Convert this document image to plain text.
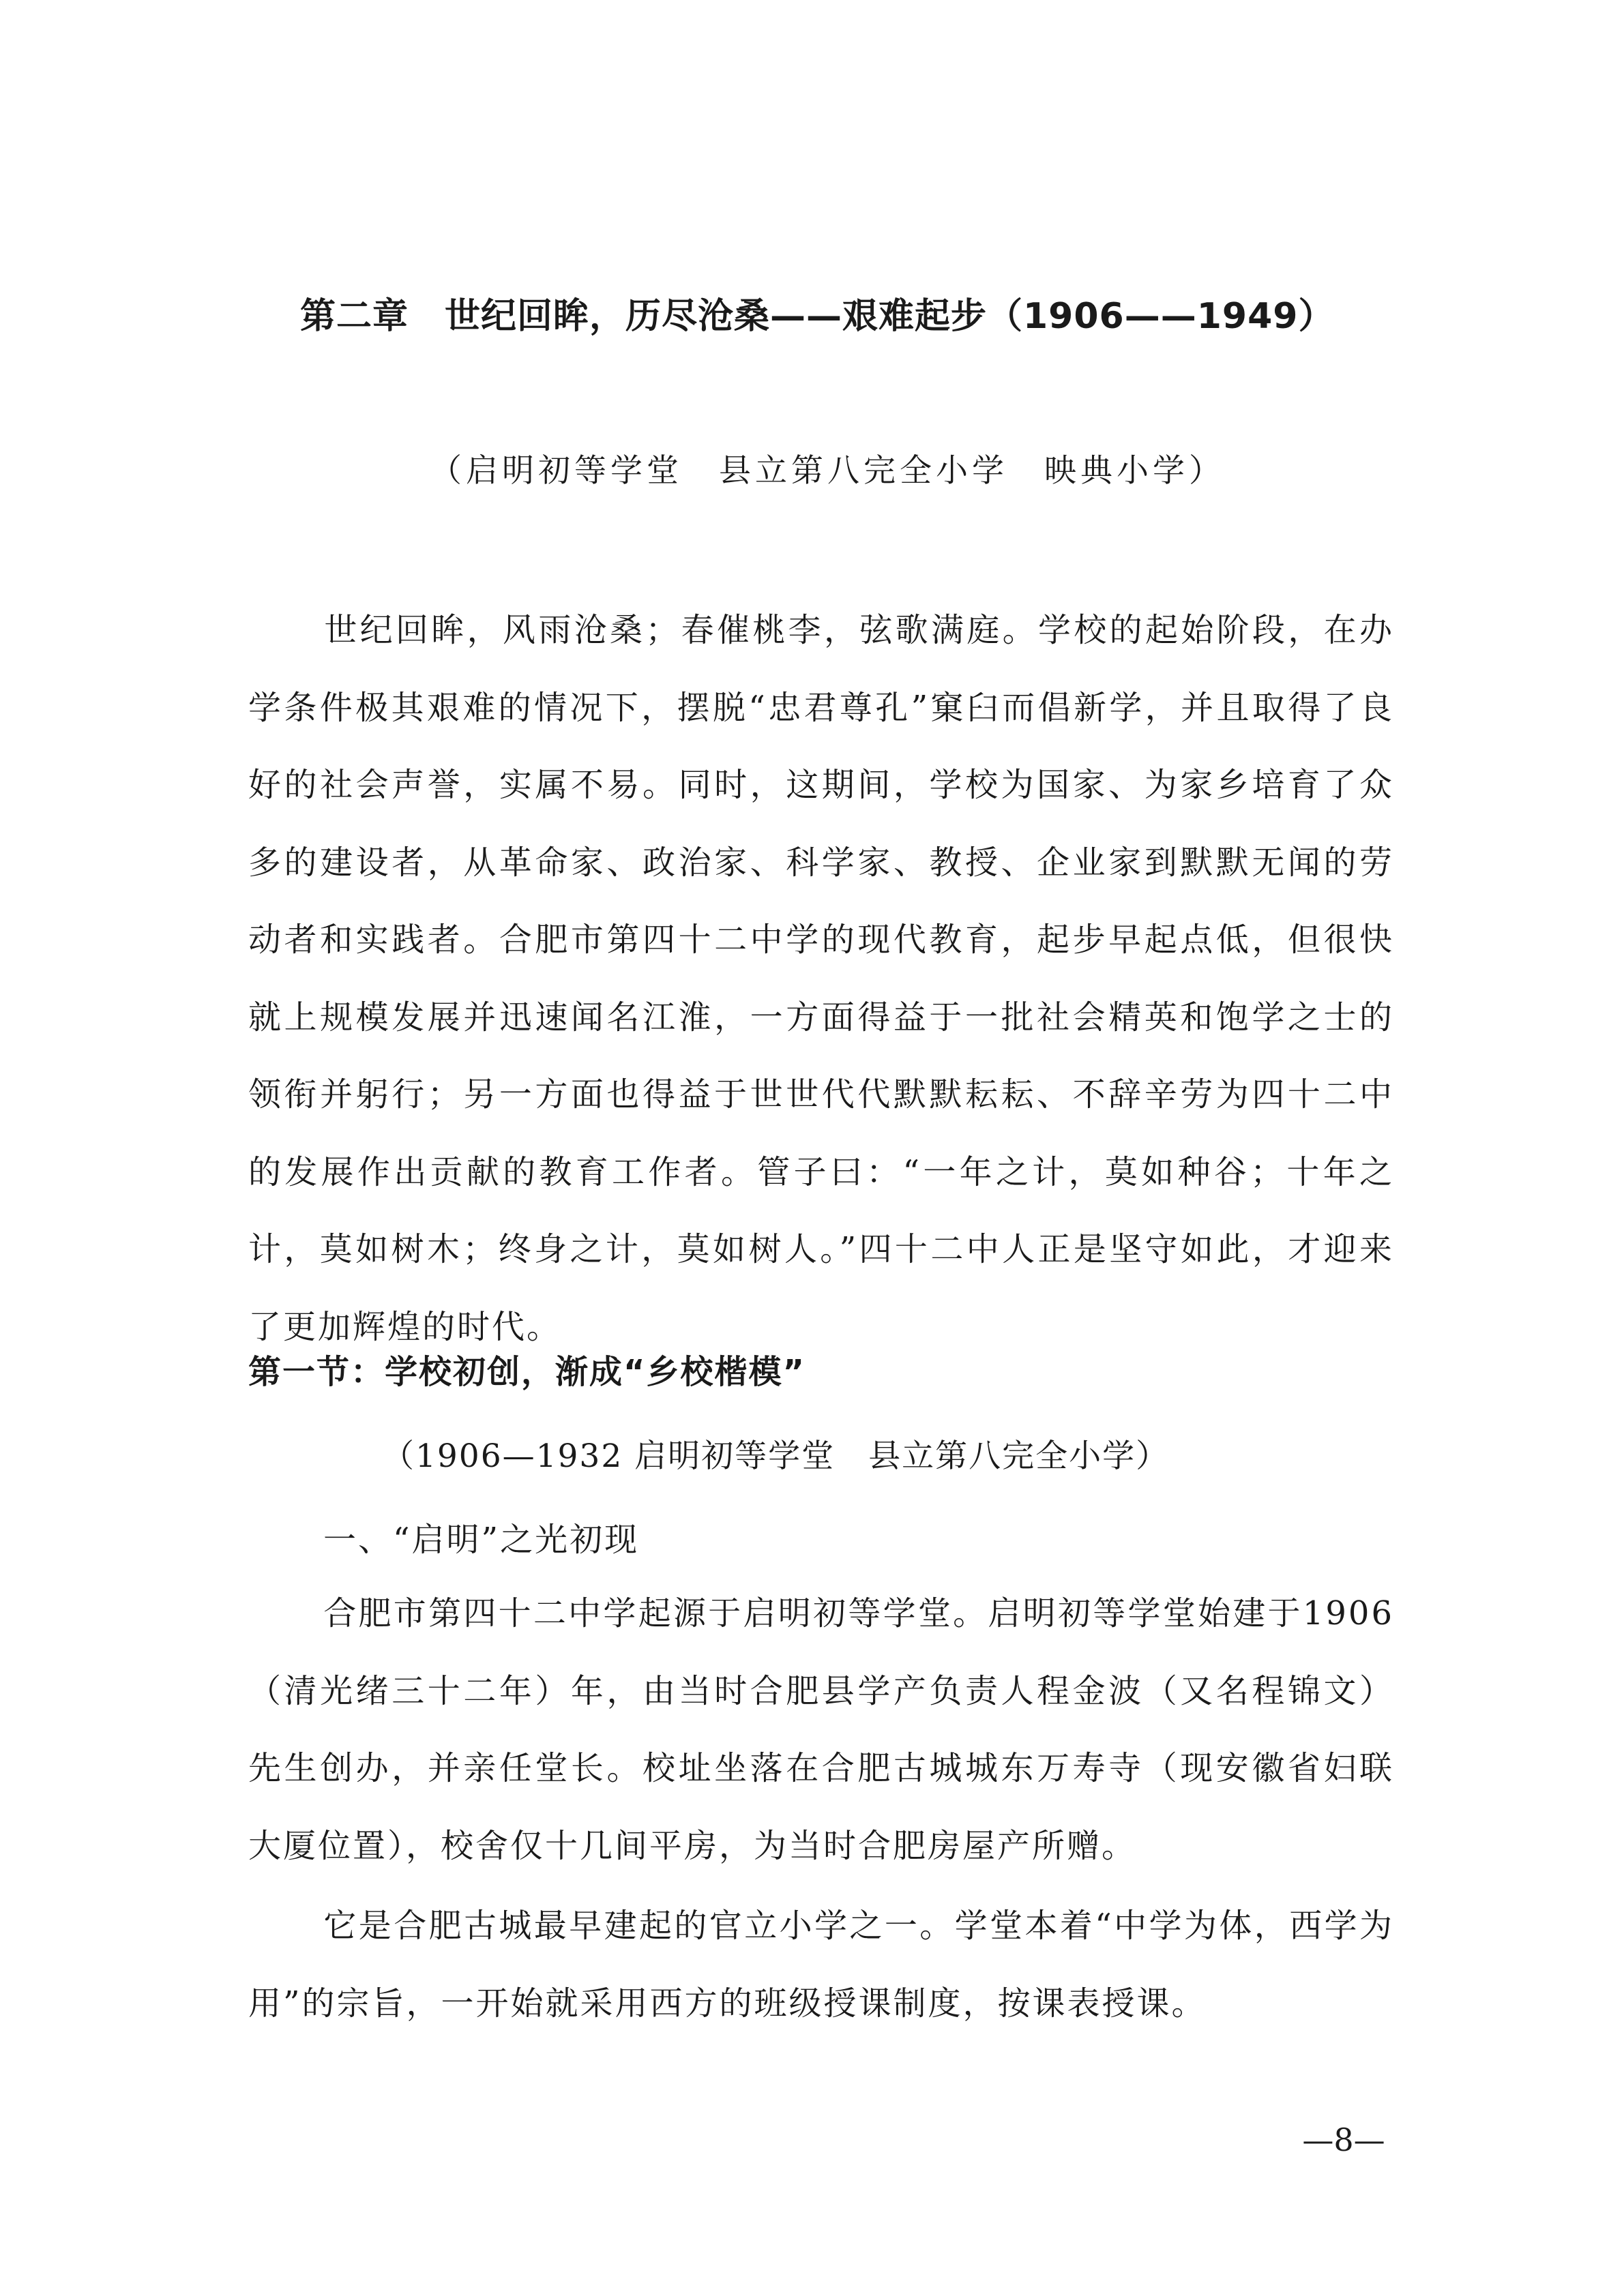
第二章　世纪回眸，历尽沧桑——艰难起步（1906——1949）
（启明初等学堂　县立第八完全小学　映典小学）
世纪回眸，风雨沧桑；春催桃李，弦歌满庭。学校的起始阶段，在办学条件极其艰难的情况下，摆脱“忠君尊孔”窠臼而倡新学，并且取得了良好的社会声誉，实属不易。同时，这期间，学校为国家、为家乡培育了众多的建设者，从革命家、政治家、科学家、教授、企业家到默默无闻的劳动者和实践者。合肥市第四十二中学的现代教育，起步早起点低，但很快就上规模发展并迅速闻名江淮，一方面得益于一批社会精英和饱学之士的领衔并躬行；另一方面也得益于世世代代默默耘耘、不辞辛劳为四十二中的发展作出贡献的教育工作者。管子曰：“一年之计，莫如种谷；十年之计，莫如树木；终身之计，莫如树人。”四十二中人正是坚守如此，才迎来了更加辉煌的时代。
第一节：学校初创，渐成“乡校楷模”
（1906—1932 启明初等学堂　县立第八完全小学）
一、“启明”之光初现
合肥市第四十二中学起源于启明初等学堂。启明初等学堂始建于1906（清光绪三十二年）年，由当时合肥县学产负责人程金波（又名程锦文）先生创办，并亲任堂长。校址坐落在合肥古城城东万寿寺（现安徽省妇联大厦位置），校舍仅十几间平房，为当时合肥房屋产所赠。
它是合肥古城最早建起的官立小学之一。学堂本着“中学为体，西学为用”的宗旨，一开始就采用西方的班级授课制度，按课表授课。
—8—
